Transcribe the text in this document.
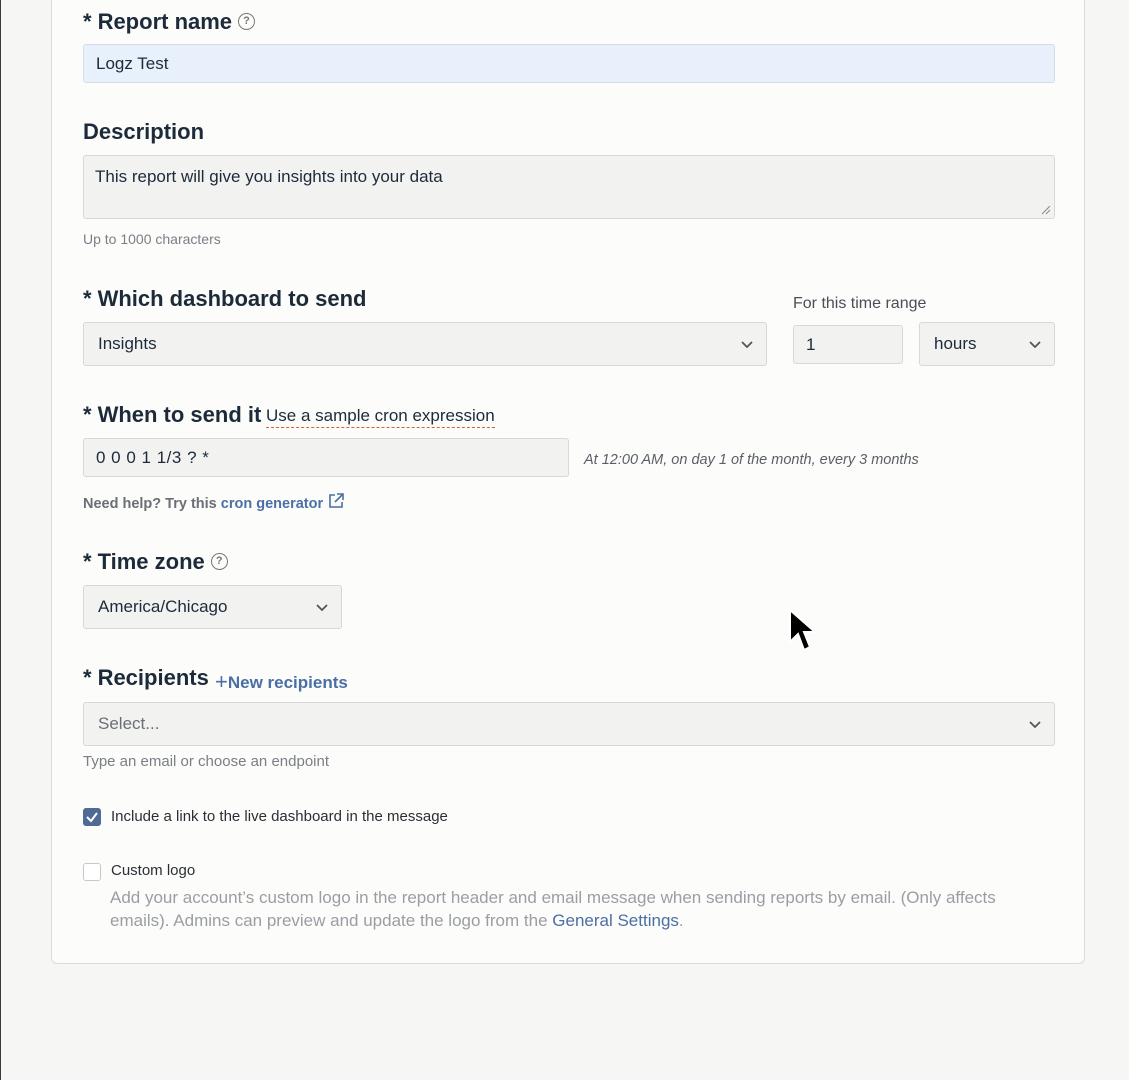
* Report name ?
Logz Test
Description
This report will give you insights into your data
Up to 1000 characters
* Which dashboard to send
Insights
For this time range
1	hours
* When to send it Use a sample cron expression
0 0 0 1 1/3 ? *	At 12:00 AM, on day 1 of the month, every 3 months
Need help? Try this cron generator
* Time zone ?
America/Chicago
* Recipients +New recipients
Select...
Type an email or choose an endpoint
Include a link to the live dashboard in the message
Custom logo
Add your account’s custom logo in the report header and email message when sending reports by email. (Only affects emails). Admins can preview and update the logo from the General Settings.
